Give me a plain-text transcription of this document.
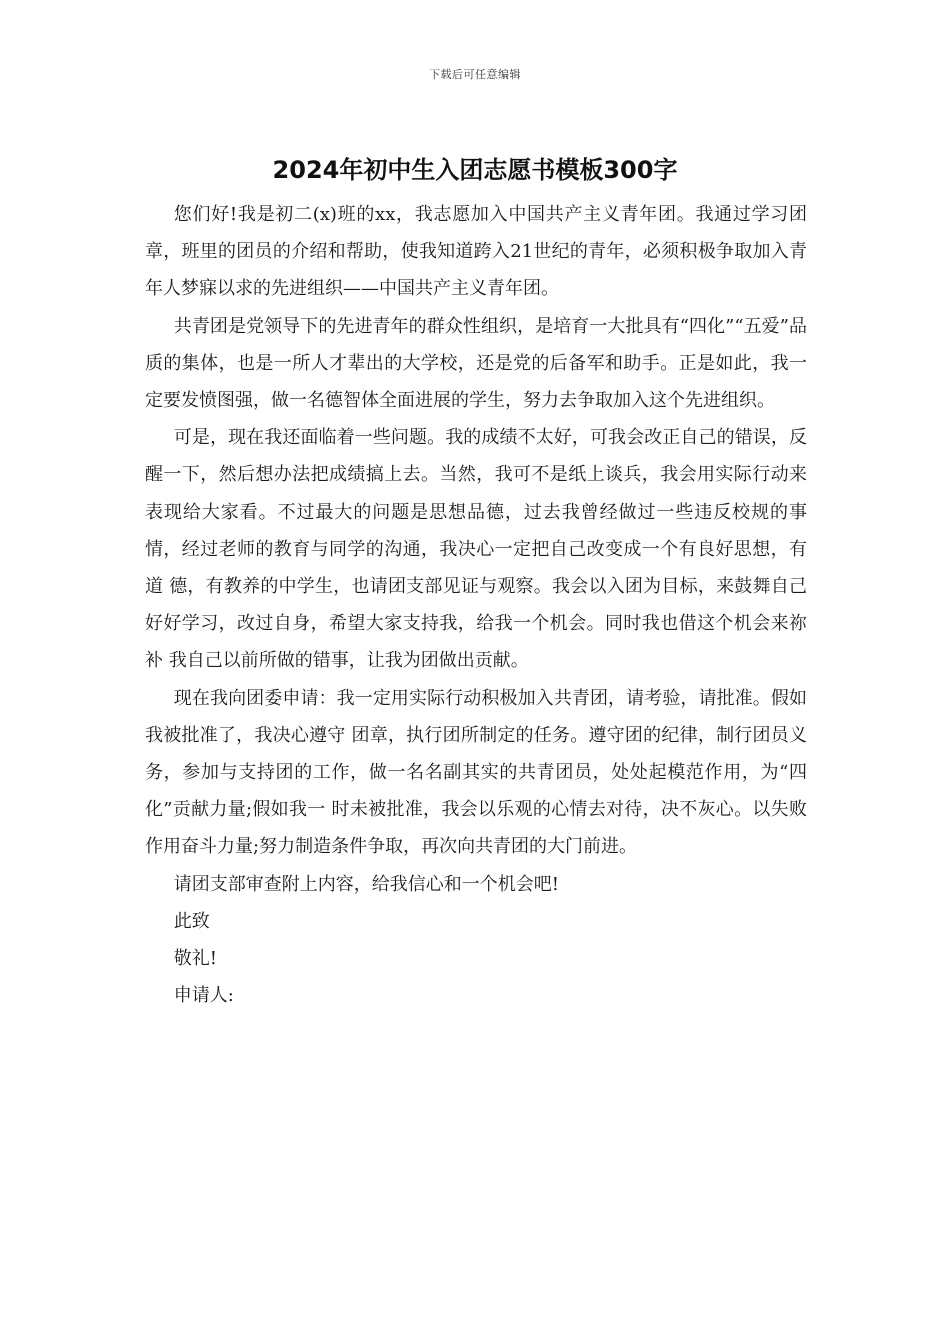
下载后可任意编辑
2024年初中生入团志愿书模板300字

您们好!我是初二(x)班的xx，我志愿加入中国共产主义青年团。我通过学习团章，班里的团员的介绍和帮助，使我知道跨入21世纪的青年，必须积极争取加入青年人梦寐以求的先进组织——中国共产主义青年团。

共青团是党领导下的先进青年的群众性组织，是培育一大批具有“四化”“五爱”品质的集体，也是一所人才辈出的大学校，还是党的后备军和助手。正是如此，我一定要发愤图强，做一名德智体全面进展的学生，努力去争取加入这个先进组织。

可是，现在我还面临着一些问题。我的成绩不太好，可我会改正自己的错误，反醒一下，然后想办法把成绩搞上去。当然，我可不是纸上谈兵，我会用实际行动来 表现给大家看。不过最大的问题是思想品德，过去我曾经做过一些违反校规的事情，经过老师的教育与同学的沟通，我决心一定把自己改变成一个有良好思想，有道 德，有教养的中学生，也请团支部见证与观察。我会以入团为目标，来鼓舞自己好好学习，改过自身，希望大家支持我，给我一个机会。同时我也借这个机会来祢补 我自己以前所做的错事，让我为团做出贡献。

现在我向团委申请：我一定用实际行动积极加入共青团，请考验，请批准。假如我被批准了，我决心遵守 团章，执行团所制定的任务。遵守团的纪律，制行团员义务，参加与支持团的工作，做一名名副其实的共青团员，处处起模范作用，为“四化”贡献力量;假如我一 时未被批准，我会以乐观的心情去对待，决不灰心。以失败作用奋斗力量;努力制造条件争取，再次向共青团的大门前进。

请团支部审查附上内容，给我信心和一个机会吧!

此致

敬礼!

申请人:
